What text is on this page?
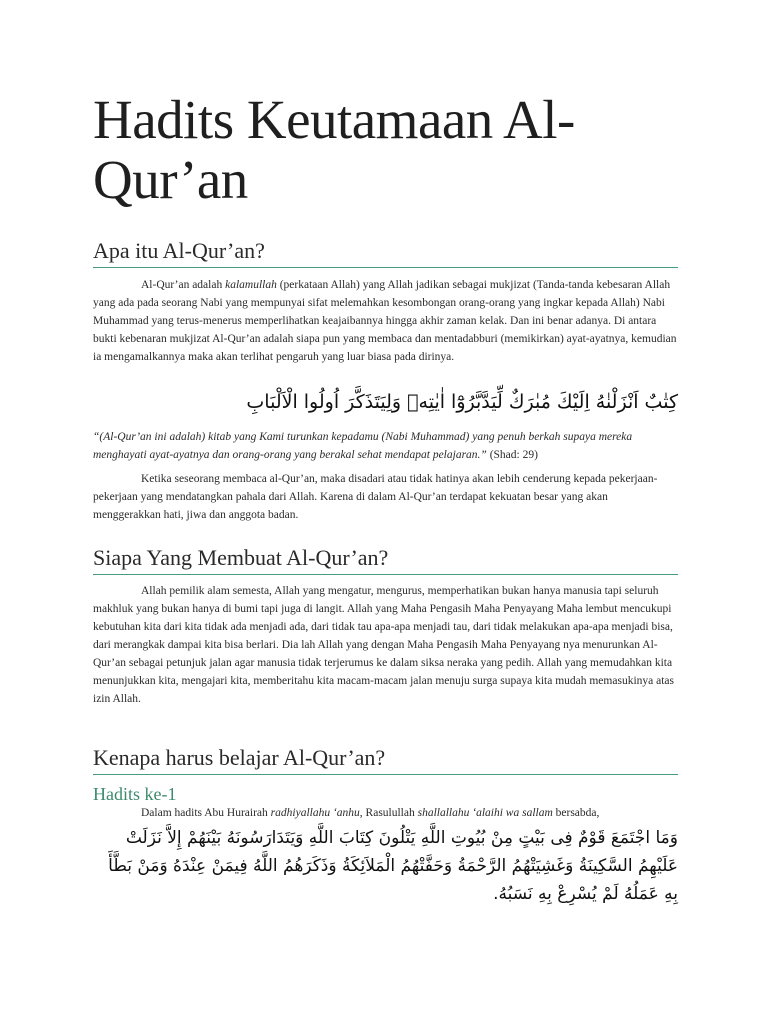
Hadits Keutamaan Al-Qur’an
Apa itu Al-Qur’an?

Al-Qur’an adalah kalamullah (perkataan Allah) yang Allah jadikan sebagai mukjizat (Tanda-tanda kebesaran Allah yang ada pada seorang Nabi yang mempunyai sifat melemahkan kesombongan orang-orang yang ingkar kepada Allah) Nabi Muhammad yang terus-menerus memperlihatkan keajaibannya hingga akhir zaman kelak. Dan ini benar adanya. Di antara bukti kebenaran mukjizat Al-Qur’an adalah siapa pun yang membaca dan mentadabburi (memikirkan) ayat-ayatnya, kemudian ia mengamalkannya maka akan terlihat pengaruh yang luar biasa pada dirinya.

كِتٰبٌ اَنْزَلْنٰهُ اِلَيْكَ مُبٰرَكٌ لِّيَدَّبَّرُوْٓا اٰيٰتِهٖ وَلِيَتَذَكَّرَ اُولُوا الْاَلْبَابِ

“(Al-Qur’an ini adalah) kitab yang Kami turunkan kepadamu (Nabi Muhammad) yang penuh berkah supaya mereka menghayati ayat-ayatnya dan orang-orang yang berakal sehat mendapat pelajaran.” (Shad: 29)

Ketika seseorang membaca al-Qur’an, maka disadari atau tidak hatinya akan lebih cenderung kepada pekerjaan-pekerjaan yang mendatangkan pahala dari Allah. Karena di dalam Al-Qur’an terdapat kekuatan besar yang akan menggerakkan hati, jiwa dan anggota badan.

Siapa Yang Membuat Al-Qur’an?

Allah pemilik alam semesta, Allah yang mengatur, mengurus, memperhatikan bukan hanya manusia tapi seluruh makhluk yang bukan hanya di bumi tapi juga di langit. Allah yang Maha Pengasih Maha Penyayang Maha lembut mencukupi kebutuhan kita dari kita tidak ada menjadi ada, dari tidak tau apa-apa menjadi tau, dari tidak melakukan apa-apa menjadi bisa, dari merangkak dampai kita bisa berlari. Dia lah Allah yang dengan Maha Pengasih Maha Penyayang nya menurunkan Al-Qur’an sebagai petunjuk jalan agar manusia tidak terjerumus ke dalam siksa neraka yang pedih. Allah yang memudahkan kita menunjukkan kita, mengajari kita, memberitahu kita macam-macam jalan menuju surga supaya kita mudah memasukinya atas izin Allah.

Kenapa harus belajar Al-Qur’an?
Hadits ke-1

Dalam hadits Abu Hurairah radhiyallahu ‘anhu, Rasulullah shallallahu ‘alaihi wa sallam bersabda,

وَمَا اجْتَمَعَ قَوْمٌ فِى بَيْتٍ مِنْ بُيُوتِ اللَّهِ يَتْلُونَ كِتَابَ اللَّهِ وَيَتَدَارَسُونَهُ بَيْنَهُمْ إِلاَّ نَزَلَتْ عَلَيْهِمُ السَّكِينَةُ وَغَشِيَتْهُمُ الرَّحْمَةُ وَحَفَّتْهُمُ الْمَلاَئِكَةُ وَذَكَرَهُمُ اللَّهُ فِيمَنْ عِنْدَهُ وَمَنْ بَطَّأَ بِهِ عَمَلُهُ لَمْ يُسْرِعْ بِهِ نَسَبُهُ.
